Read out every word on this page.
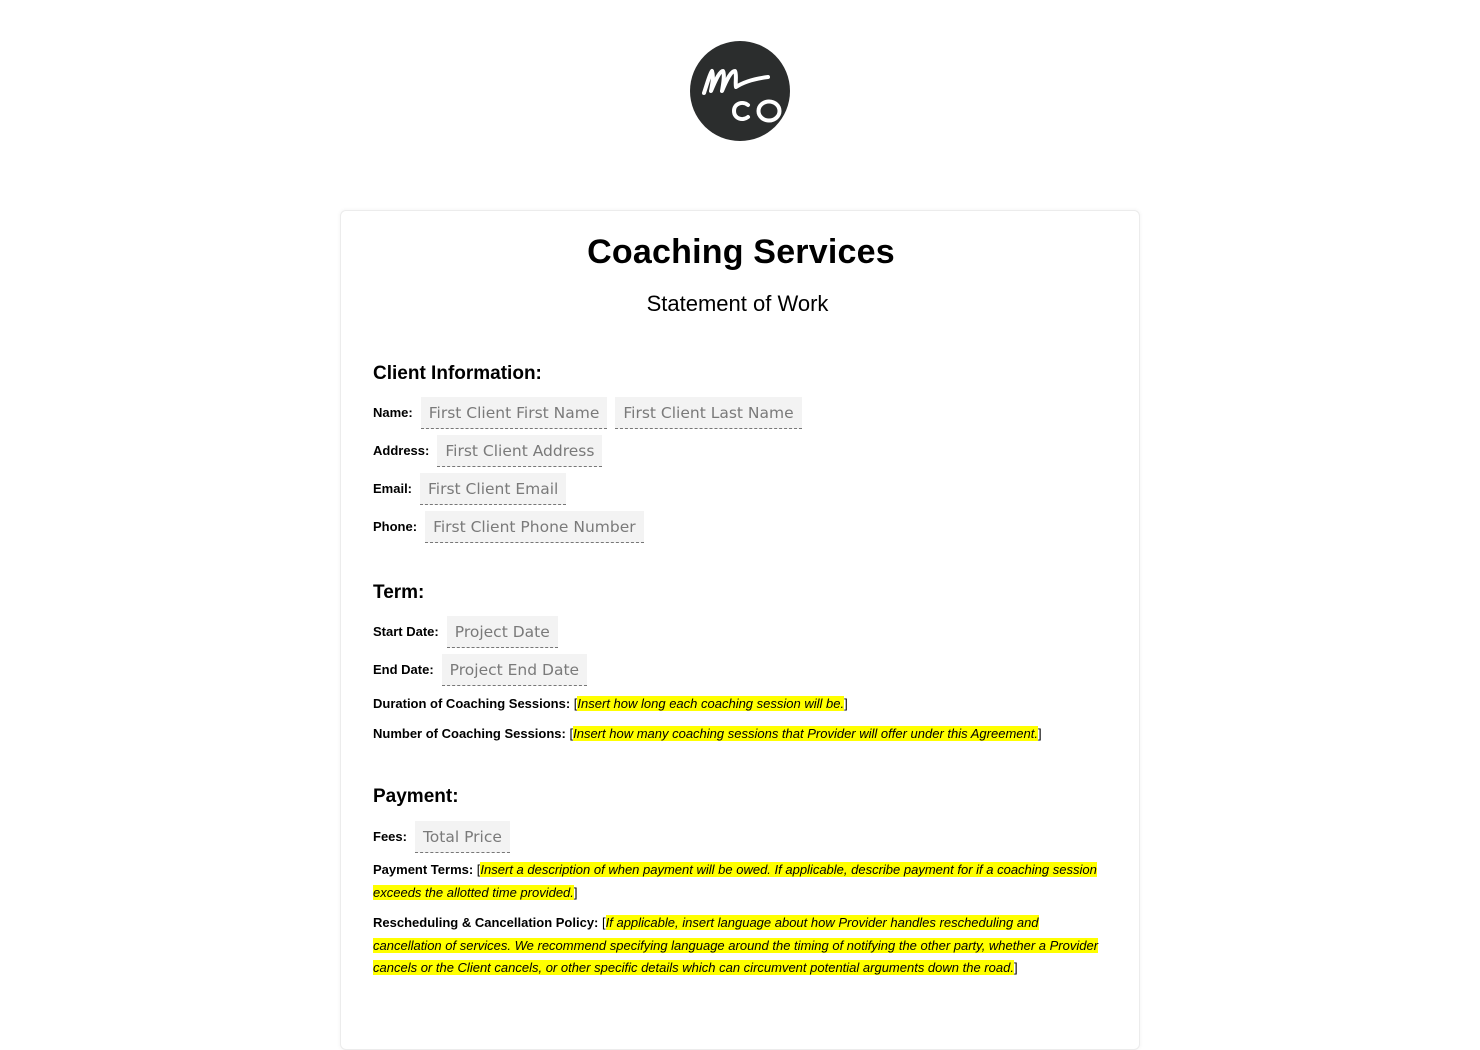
Coaching Services
Statement of Work
Client Information:
Name:	First Client First Name	First Client Last Name
Address:	First Client Address
Email:	First Client Email
Phone:	First Client Phone Number
Term:
Start Date:	Project Date
End Date:	Project End Date
Duration of Coaching Sessions: [Insert how long each coaching session will be.]
Number of Coaching Sessions: [Insert how many coaching sessions that Provider will offer under this Agreement.]
Payment:
Fees:	Total Price
Payment Terms: [Insert a description of when payment will be owed. If applicable, describe payment for if a coaching session exceeds the allotted time provided.]
Rescheduling & Cancellation Policy: [If applicable, insert language about how Provider handles rescheduling and cancellation of services. We recommend specifying language around the timing of notifying the other party, whether a Provider cancels or the Client cancels, or other specific details which can circumvent potential arguments down the road.]
